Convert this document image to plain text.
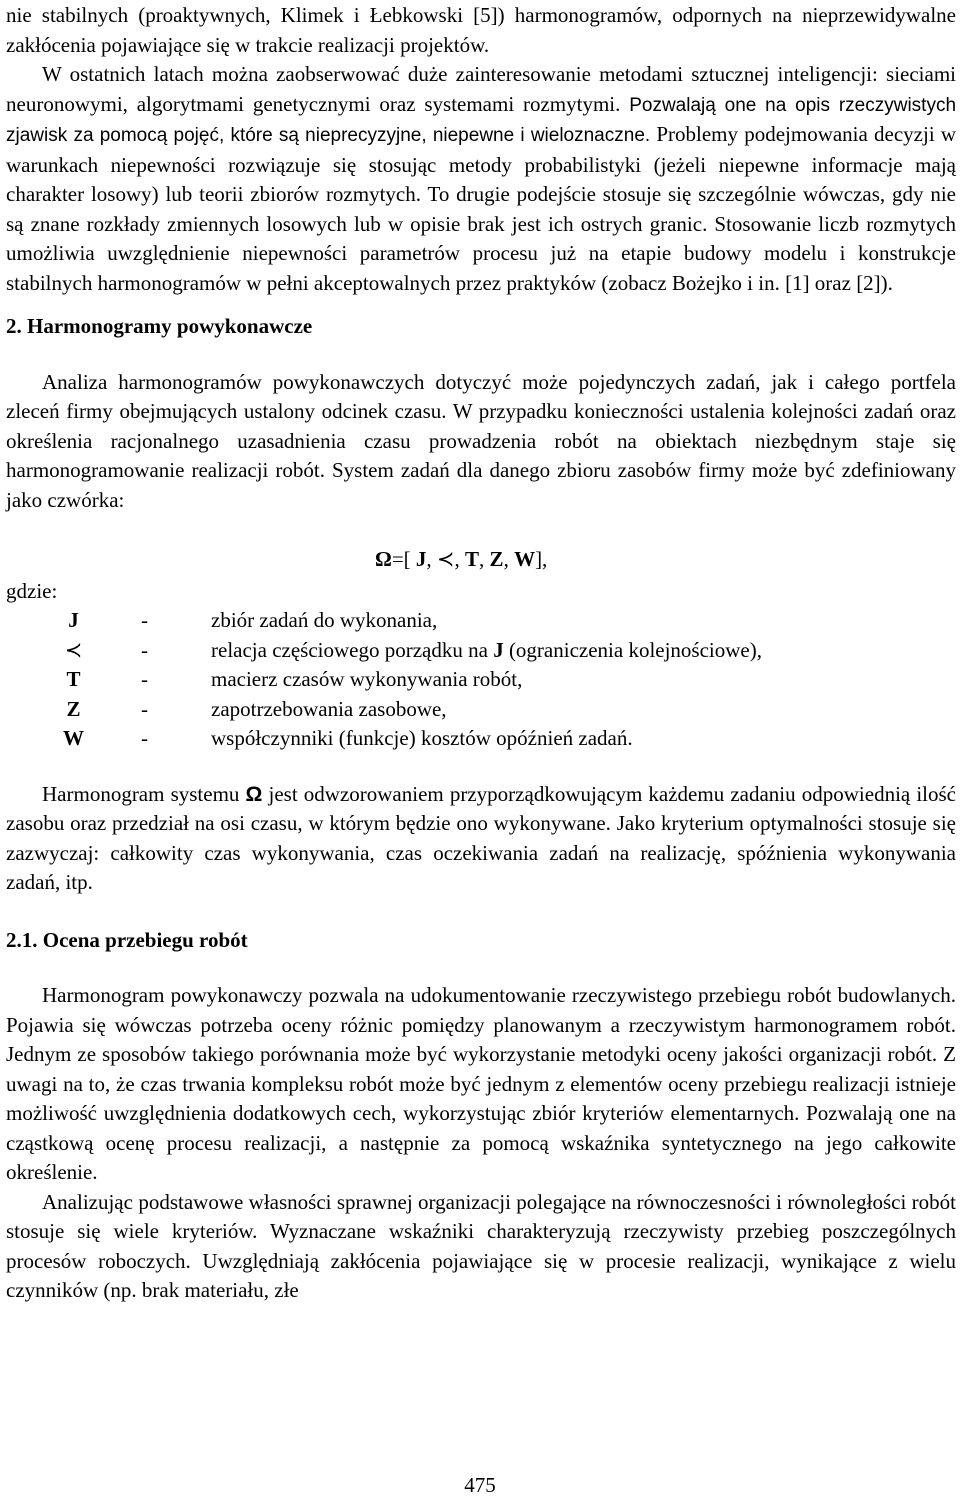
nie stabilnych (proaktywnych, Klimek i Łebkowski [5]) harmonogramów, odpornych na nieprzewidywalne zakłócenia pojawiające się w trakcie realizacji projektów.

W ostatnich latach można zaobserwować duże zainteresowanie metodami sztucznej inteligencji: sieciami neuronowymi, algorytmami genetycznymi oraz systemami rozmytymi. Pozwalają one na opis rzeczywistych zjawisk za pomocą pojęć, które są nieprecyzyjne, niepewne i wieloznaczne. Problemy podejmowania decyzji w warunkach niepewności rozwiązuje się stosując metody probabilistyki (jeżeli niepewne informacje mają charakter losowy) lub teorii zbiorów rozmytych. To drugie podejście stosuje się szczególnie wówczas, gdy nie są znane rozkłady zmiennych losowych lub w opisie brak jest ich ostrych granic. Stosowanie liczb rozmytych umożliwia uwzględnienie niepewności parametrów procesu już na etapie budowy modelu i konstrukcje stabilnych harmonogramów w pełni akceptowalnych przez praktyków (zobacz Bożejko i in. [1] oraz [2]).

2. Harmonogramy powykonawcze

Analiza harmonogramów powykonawczych dotyczyć może pojedynczych zadań, jak i całego portfela zleceń firmy obejmujących ustalony odcinek czasu. W przypadku konieczności ustalenia kolejności zadań oraz określenia racjonalnego uzasadnienia czasu prowadzenia robót na obiektach niezbędnym staje się harmonogramowanie realizacji robót. System zadań dla danego zbioru zasobów firmy może być zdefiniowany jako czwórka:

Ω=[ J, ≺, T, Z, W],

gdzie:

J	-	zbiór zadań do wykonania,
≺	-	relacja częściowego porządku na J (ograniczenia kolejnościowe),
T	-	macierz czasów wykonywania robót,
Z	-	zapotrzebowania zasobowe,
W	-	współczynniki (funkcje) kosztów opóźnień zadań.

Harmonogram systemu Ω jest odwzorowaniem przyporządkowującym każdemu zadaniu odpowiednią ilość zasobu oraz przedział na osi czasu, w którym będzie ono wykonywane. Jako kryterium optymalności stosuje się zazwyczaj: całkowity czas wykonywania, czas oczekiwania zadań na realizację, spóźnienia wykonywania zadań, itp.

2.1. Ocena przebiegu robót

Harmonogram powykonawczy pozwala na udokumentowanie rzeczywistego przebiegu robót budowlanych. Pojawia się wówczas potrzeba oceny różnic pomiędzy planowanym a rzeczywistym harmonogramem robót. Jednym ze sposobów takiego porównania może być wykorzystanie metodyki oceny jakości organizacji robót. Z uwagi na to, że czas trwania kompleksu robót może być jednym z elementów oceny przebiegu realizacji istnieje możliwość uwzględnienia dodatkowych cech, wykorzystując zbiór kryteriów elementarnych. Pozwalają one na cząstkową ocenę procesu realizacji, a następnie za pomocą wskaźnika syntetycznego na jego całkowite określenie.

Analizując podstawowe własności sprawnej organizacji polegające na równoczesności i równoległości robót stosuje się wiele kryteriów. Wyznaczane wskaźniki charakteryzują rzeczywisty przebieg poszczególnych procesów roboczych. Uwzględniają zakłócenia pojawiające się w procesie realizacji, wynikające z wielu czynników (np. brak materiału, złe

475
